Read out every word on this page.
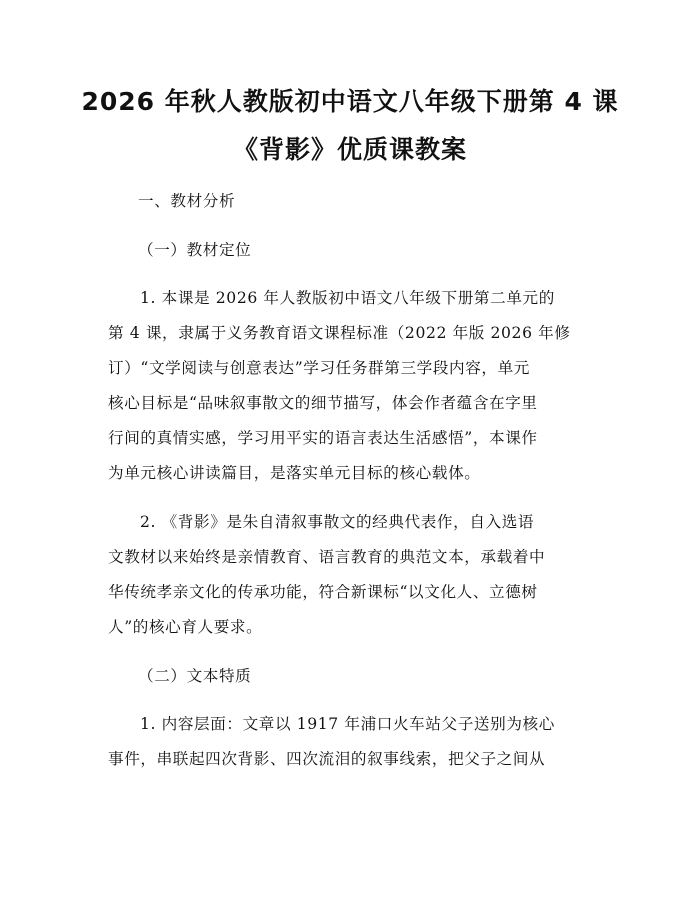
2026 年秋人教版初中语文八年级下册第 4 课
《背影》优质课教案
一、教材分析
（一）教材定位
1. 本课是 2026 年人教版初中语文八年级下册第二单元的
第 4 课，隶属于义务教育语文课程标准（2022 年版 2026 年修
订）“文学阅读与创意表达”学习任务群第三学段内容，单元
核心目标是“品味叙事散文的细节描写，体会作者蕴含在字里
行间的真情实感，学习用平实的语言表达生活感悟”，本课作
为单元核心讲读篇目，是落实单元目标的核心载体。
2. 《背影》是朱自清叙事散文的经典代表作，自入选语
文教材以来始终是亲情教育、语言教育的典范文本，承载着中
华传统孝亲文化的传承功能，符合新课标“以文化人、立德树
人”的核心育人要求。
（二）文本特质
1. 内容层面：文章以 1917 年浦口火车站父子送别为核心
事件，串联起四次背影、四次流泪的叙事线索，把父子之间从
